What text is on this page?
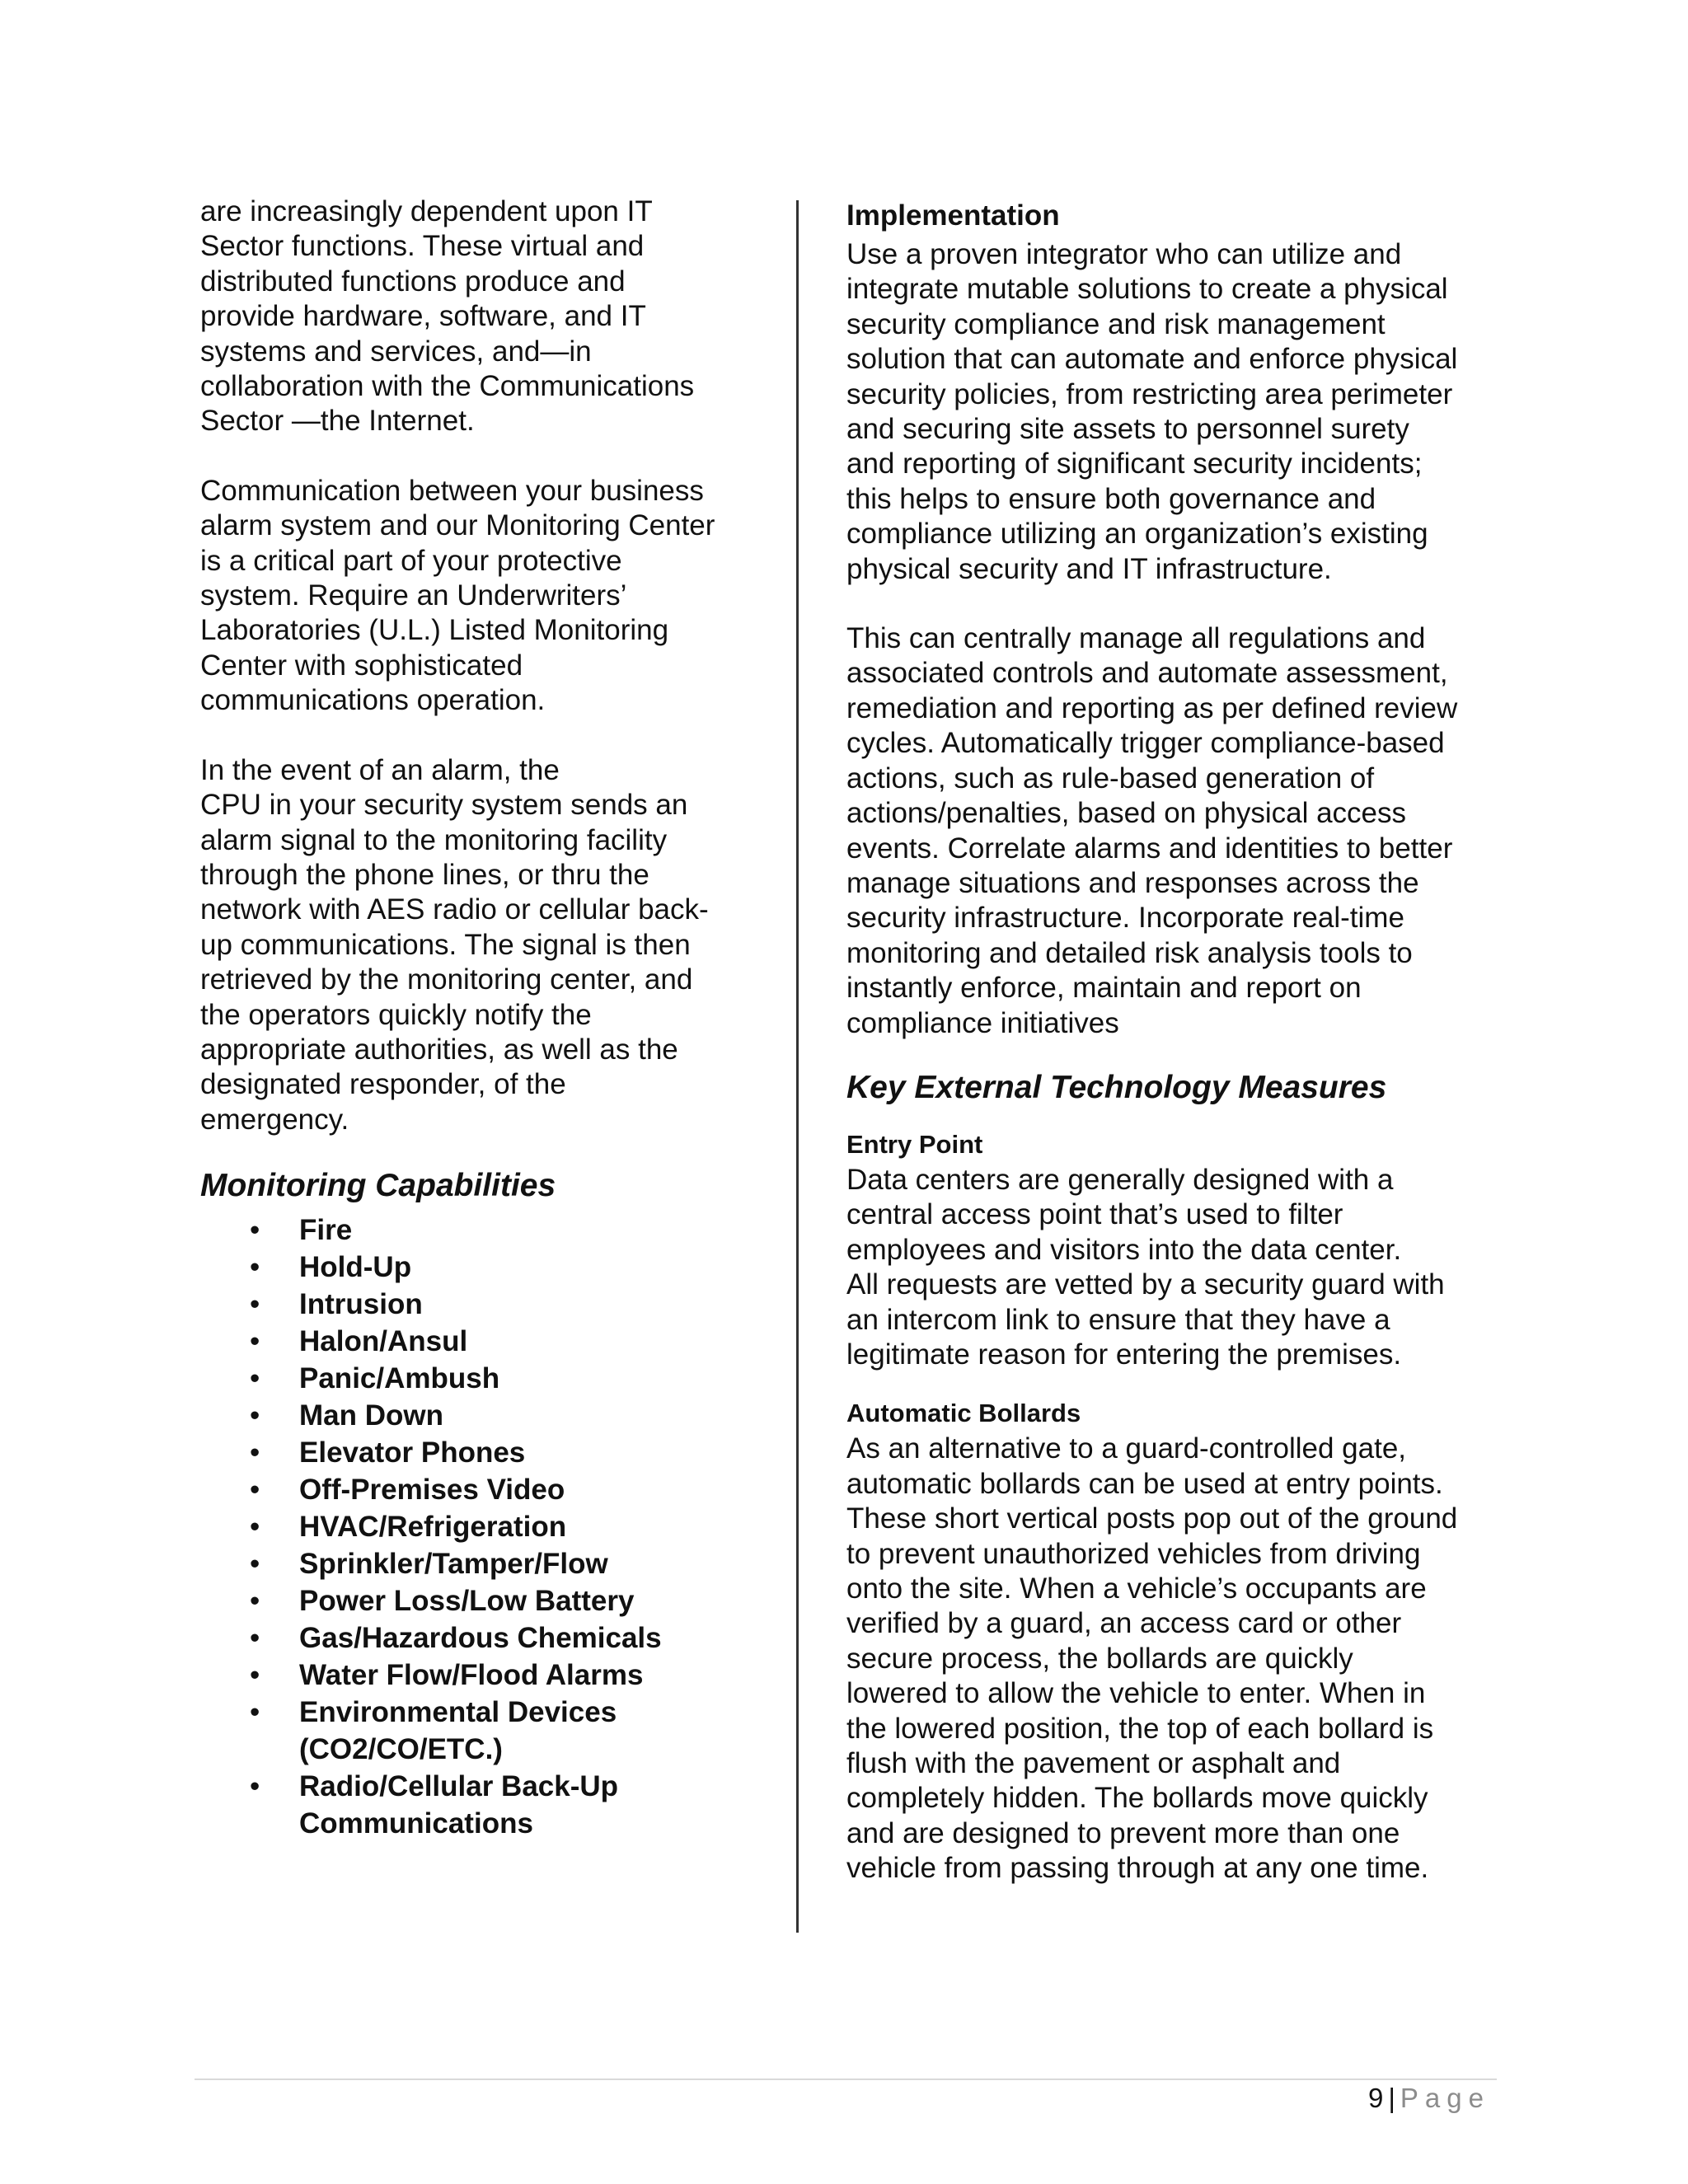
are increasingly dependent upon IT
Sector functions. These virtual and
distributed functions produce and
provide hardware, software, and IT
systems and services, and—in
collaboration with the Communications
Sector —the Internet.

Communication between your business
alarm system and our Monitoring Center
is a critical part of your protective
system. Require an Underwriters’
Laboratories (U.L.) Listed Monitoring
Center with sophisticated
communications operation.

In the event of an alarm, the
CPU in your security system sends an
alarm signal to the monitoring facility
through the phone lines, or thru the
network with AES radio or cellular back-
up communications. The signal is then
retrieved by the monitoring center, and
the operators quickly notify the
appropriate authorities, as well as the
designated responder, of the
emergency.

Monitoring Capabilities
• Fire
• Hold-Up
• Intrusion
• Halon/Ansul
• Panic/Ambush
• Man Down
• Elevator Phones
• Off-Premises Video
• HVAC/Refrigeration
• Sprinkler/Tamper/Flow
• Power Loss/Low Battery
• Gas/Hazardous Chemicals
• Water Flow/Flood Alarms
• Environmental Devices
(CO2/CO/ETC.)
• Radio/Cellular Back-Up
Communications
Implementation

Use a proven integrator who can utilize and
integrate mutable solutions to create a physical
security compliance and risk management
solution that can automate and enforce physical
security policies, from restricting area perimeter
and securing site assets to personnel surety
and reporting of significant security incidents;
this helps to ensure both governance and
compliance utilizing an organization’s existing
physical security and IT infrastructure.

This can centrally manage all regulations and
associated controls and automate assessment,
remediation and reporting as per defined review
cycles. Automatically trigger compliance-based
actions, such as rule-based generation of
actions/penalties, based on physical access
events. Correlate alarms and identities to better
manage situations and responses across the
security infrastructure. Incorporate real-time
monitoring and detailed risk analysis tools to
instantly enforce, maintain and report on
compliance initiatives

Key External Technology Measures
Entry Point

Data centers are generally designed with a
central access point that’s used to filter
employees and visitors into the data center.
All requests are vetted by a security guard with
an intercom link to ensure that they have a
legitimate reason for entering the premises.

Automatic Bollards

As an alternative to a guard-controlled gate,
automatic bollards can be used at entry points.
These short vertical posts pop out of the ground
to prevent unauthorized vehicles from driving
onto the site. When a vehicle’s occupants are
verified by a guard, an access card or other
secure process, the bollards are quickly
lowered to allow the vehicle to enter. When in
the lowered position, the top of each bollard is
flush with the pavement or asphalt and
completely hidden. The bollards move quickly
and are designed to prevent more than one
vehicle from passing through at any one time.

9 | Page
